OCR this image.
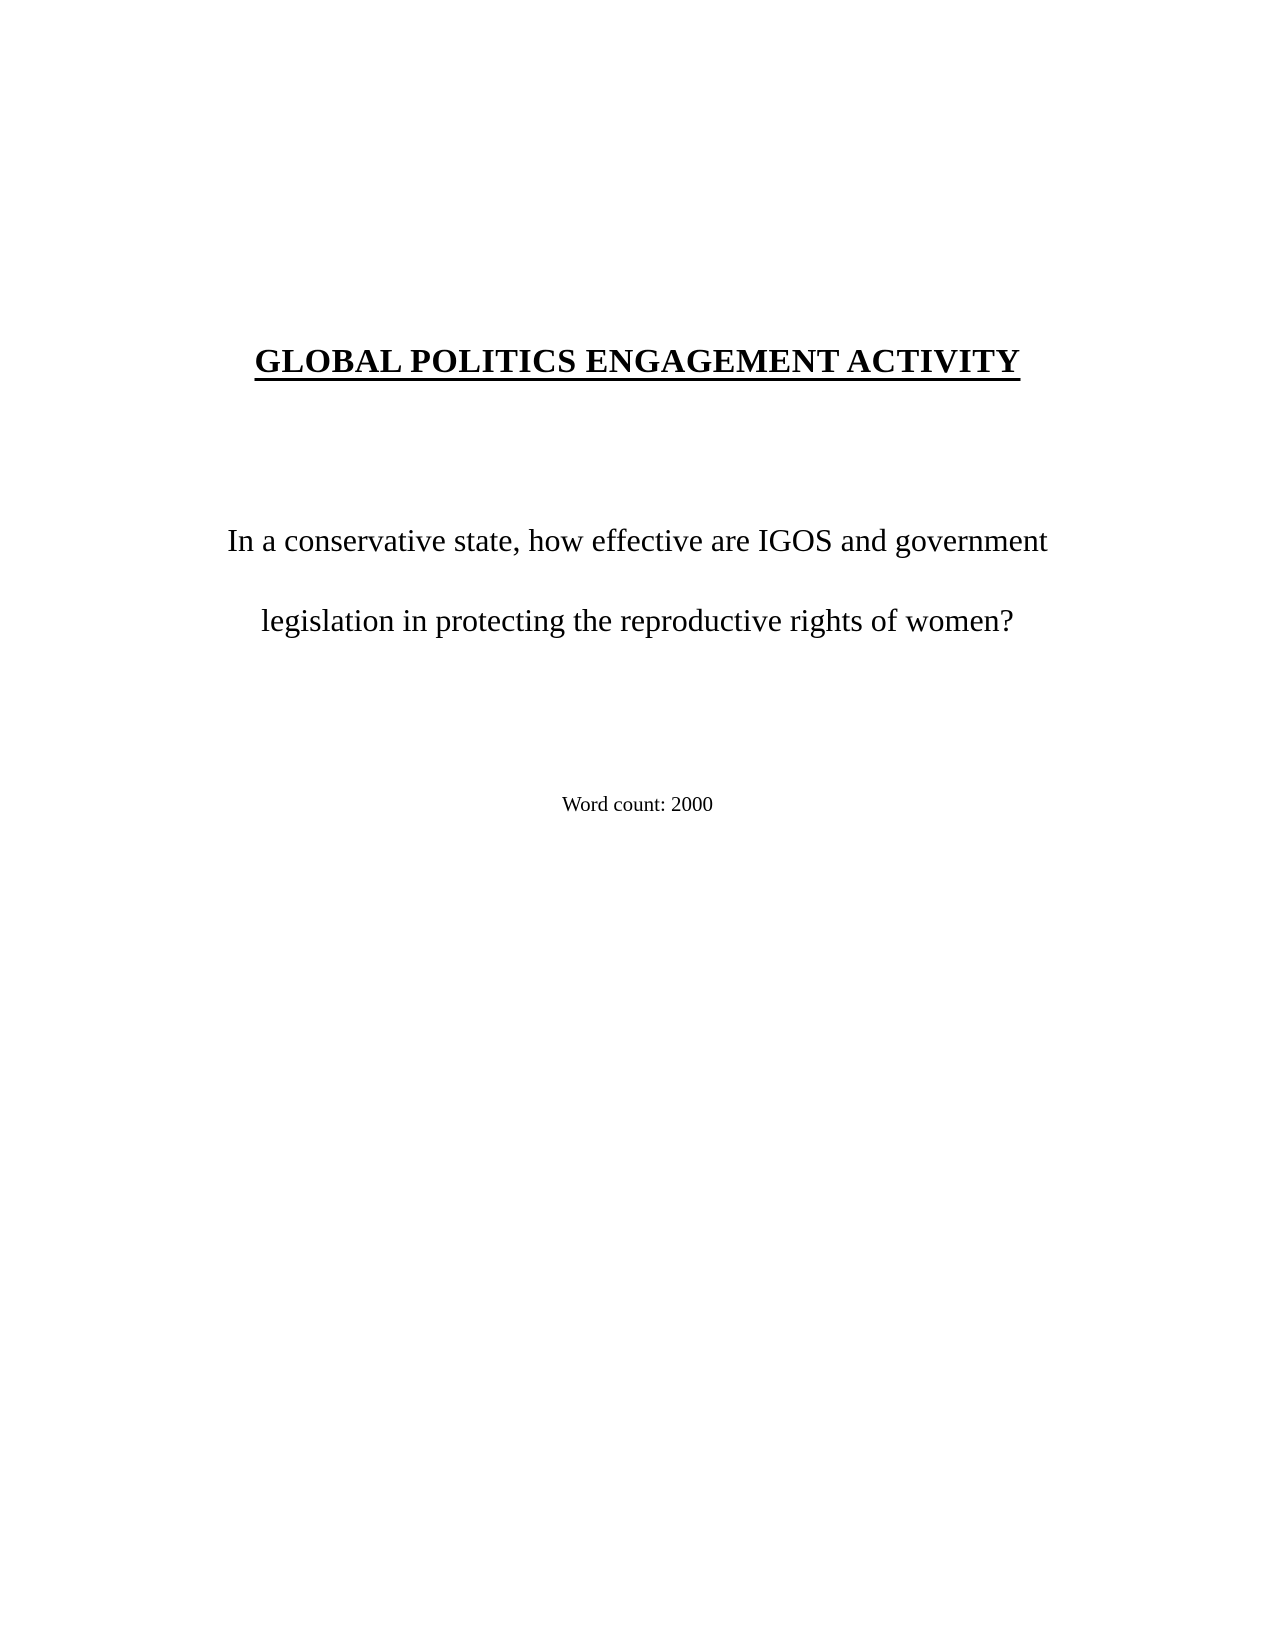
GLOBAL POLITICS ENGAGEMENT ACTIVITY
In a conservative state, how effective are IGOS and government
legislation in protecting the reproductive rights of women?

Word count: 2000
